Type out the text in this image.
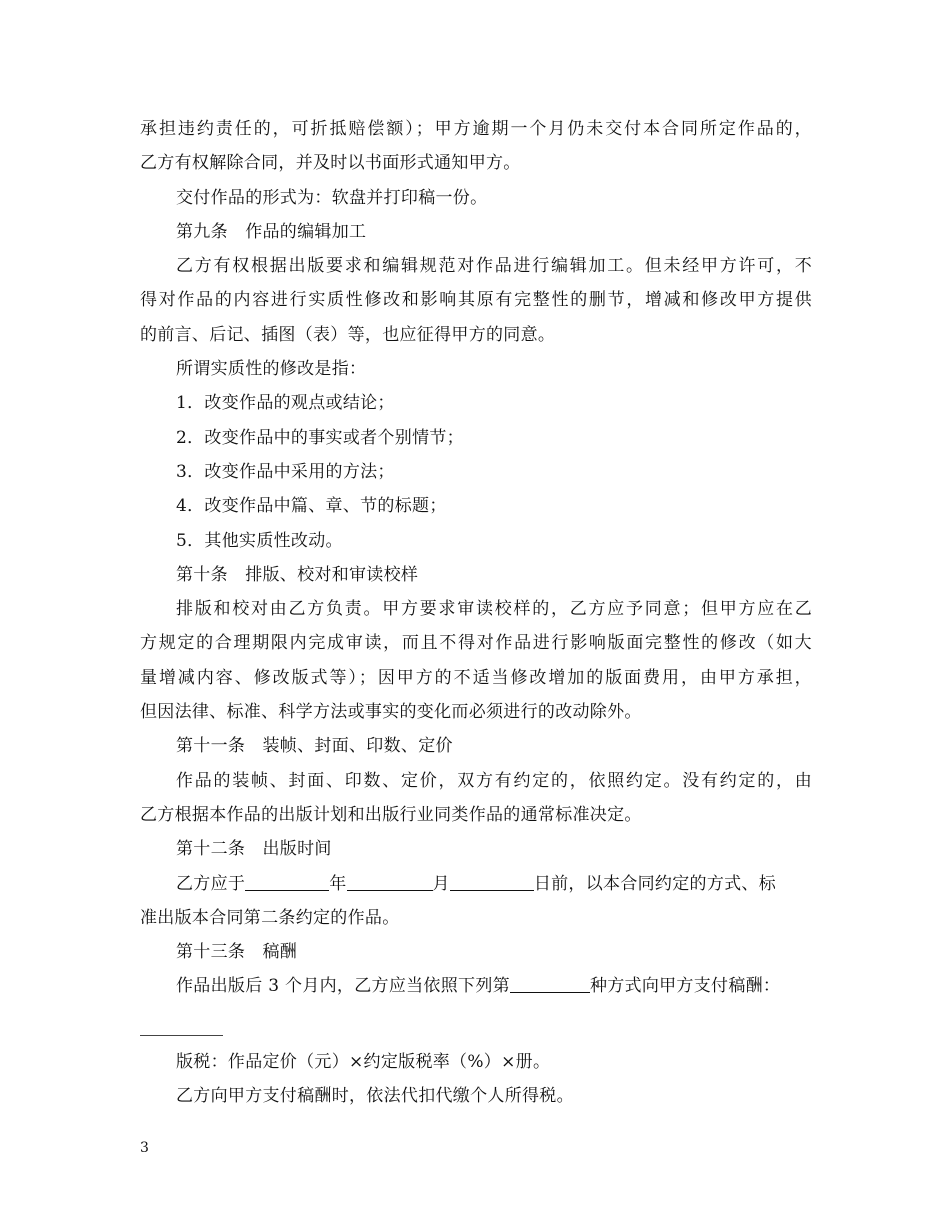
承担违约责任的，可折抵赔偿额）；甲方逾期一个月仍未交付本合同所定作品的，
乙方有权解除合同，并及时以书面形式通知甲方。
交付作品的形式为：软盘并打印稿一份。
第九条　作品的编辑加工
乙方有权根据出版要求和编辑规范对作品进行编辑加工。但未经甲方许可，不
得对作品的内容进行实质性修改和影响其原有完整性的删节，增减和修改甲方提供
的前言、后记、插图（表）等，也应征得甲方的同意。
所谓实质性的修改是指：
1．改变作品的观点或结论；
2．改变作品中的事实或者个别情节；
3．改变作品中采用的方法；
4．改变作品中篇、章、节的标题；
5．其他实质性改动。
第十条　排版、校对和审读校样
排版和校对由乙方负责。甲方要求审读校样的，乙方应予同意；但甲方应在乙
方规定的合理期限内完成审读，而且不得对作品进行影响版面完整性的修改（如大
量增减内容、修改版式等）；因甲方的不适当修改增加的版面费用，由甲方承担，
但因法律、标准、科学方法或事实的变化而必须进行的改动除外。
第十一条　装帧、封面、印数、定价
作品的装帧、封面、印数、定价，双方有约定的，依照约定。没有约定的，由
乙方根据本作品的出版计划和出版行业同类作品的通常标准决定。
第十二条　出版时间
乙方应于	年	月	日前，以本合同约定的方式、标
准出版本合同第二条约定的作品。
第十三条　稿酬
作品出版后 3 个月内，乙方应当依照下列第	种方式向甲方支付稿酬：
版税：作品定价（元）×约定版税率（%）×册。
乙方向甲方支付稿酬时，依法代扣代缴个人所得税。
3
